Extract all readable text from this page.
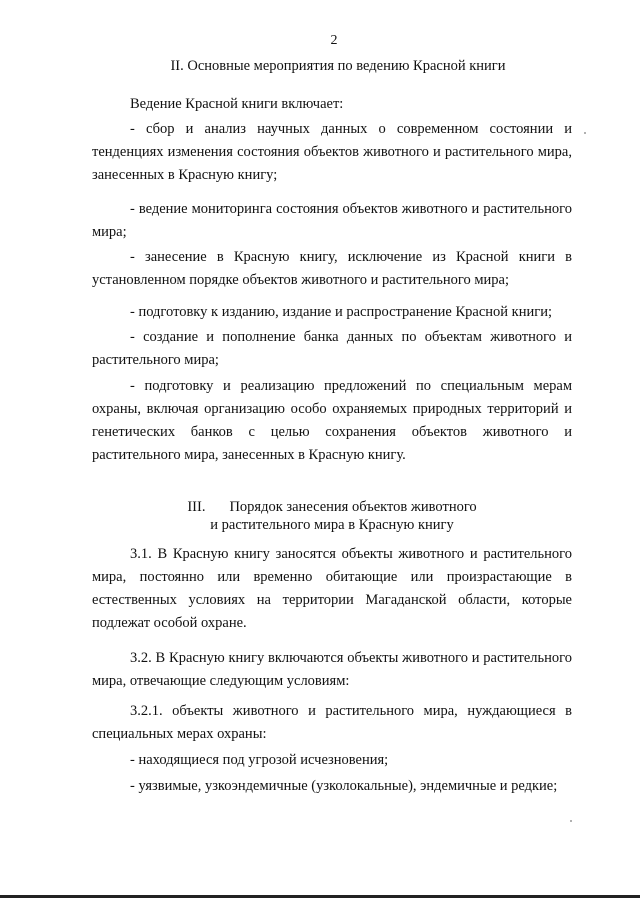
2
II. Основные мероприятия по ведению Красной книги
Ведение Красной книги включает:
- сбор и анализ научных данных о современном состоянии и тенденциях изменения состояния объектов животного и растительного мира, занесенных в Красную книгу;
- ведение мониторинга состояния объектов животного и растительного мира;
- занесение в Красную книгу, исключение из Красной книги в установленном порядке объектов животного и растительного мира;
- подготовку к изданию, издание и распространение Красной книги;
- создание и пополнение банка данных по объектам животного и растительного мира;
- подготовку и реализацию предложений по специальным мерам охраны, включая организацию особо охраняемых природных территорий и генетических банков с целью сохранения объектов животного и растительного мира, занесенных в Красную книгу.
III. Порядок занесения объектов животного
и растительного мира в Красную книгу
3.1. В Красную книгу заносятся объекты животного и растительного мира, постоянно или временно обитающие или произрастающие в естественных условиях на территории Магаданской области, которые подлежат особой охране.
3.2. В Красную книгу включаются объекты животного и растительного мира, отвечающие следующим условиям:
3.2.1. объекты животного и растительного мира, нуждающиеся в специальных мерах охраны:
- находящиеся под угрозой исчезновения;
- уязвимые, узкоэндемичные (узколокальные), эндемичные и редкие;
